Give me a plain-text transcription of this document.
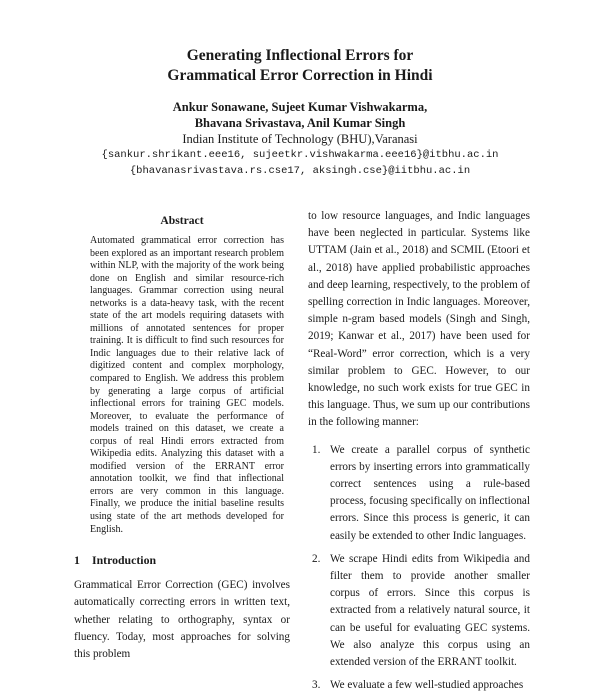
Generating Inflectional Errors for
Grammatical Error Correction in Hindi
Ankur Sonawane, Sujeet Kumar Vishwakarma,
Bhavana Srivastava, Anil Kumar Singh
Indian Institute of Technology (BHU),Varanasi
{sankur.shrikant.eee16, sujeetkr.vishwakarma.eee16}@itbhu.ac.in
{bhavanasrivastava.rs.cse17, aksingh.cse}@iitbhu.ac.in
Abstract
Automated grammatical error correction has been explored as an important research problem within NLP, with the majority of the work being done on English and similar resource-rich languages. Grammar correction using neural networks is a data-heavy task, with the recent state of the art models requiring datasets with millions of annotated sentences for proper training. It is difficult to find such resources for Indic languages due to their relative lack of digitized content and complex morphology, compared to English. We address this problem by generating a large corpus of artificial inflectional errors for training GEC models. Moreover, to evaluate the performance of models trained on this dataset, we create a corpus of real Hindi errors extracted from Wikipedia edits. Analyzing this dataset with a modified version of the ERRANT error annotation toolkit, we find that inflectional errors are very common in this language. Finally, we produce the initial baseline results using state of the art methods developed for English.
1 Introduction
Grammatical Error Correction (GEC) involves automatically correcting errors in written text, whether relating to orthography, syntax or fluency. Today, most approaches for solving this problem
to low resource languages, and Indic languages have been neglected in particular. Systems like UTTAM (Jain et al., 2018) and SCMIL (Etoori et al., 2018) have applied probabilistic approaches and deep learning, respectively, to the problem of spelling correction in Indic languages. Moreover, simple n-gram based models (Singh and Singh, 2019; Kanwar et al., 2017) have been used for “Real-Word” error correction, which is a very similar problem to GEC. However, to our knowledge, no such work exists for true GEC in this language. Thus, we sum up our contributions in the following manner:
1. We create a parallel corpus of synthetic errors by inserting errors into grammatically correct sentences using a rule-based process, focusing specifically on inflectional errors. Since this process is generic, it can easily be extended to other Indic languages.
2. We scrape Hindi edits from Wikipedia and filter them to provide another smaller corpus of errors. Since this corpus is extracted from a relatively natural source, it can be useful for evaluating GEC systems. We also analyze this corpus using an extended version of the ERRANT toolkit.
3. We evaluate a few well-studied approaches
